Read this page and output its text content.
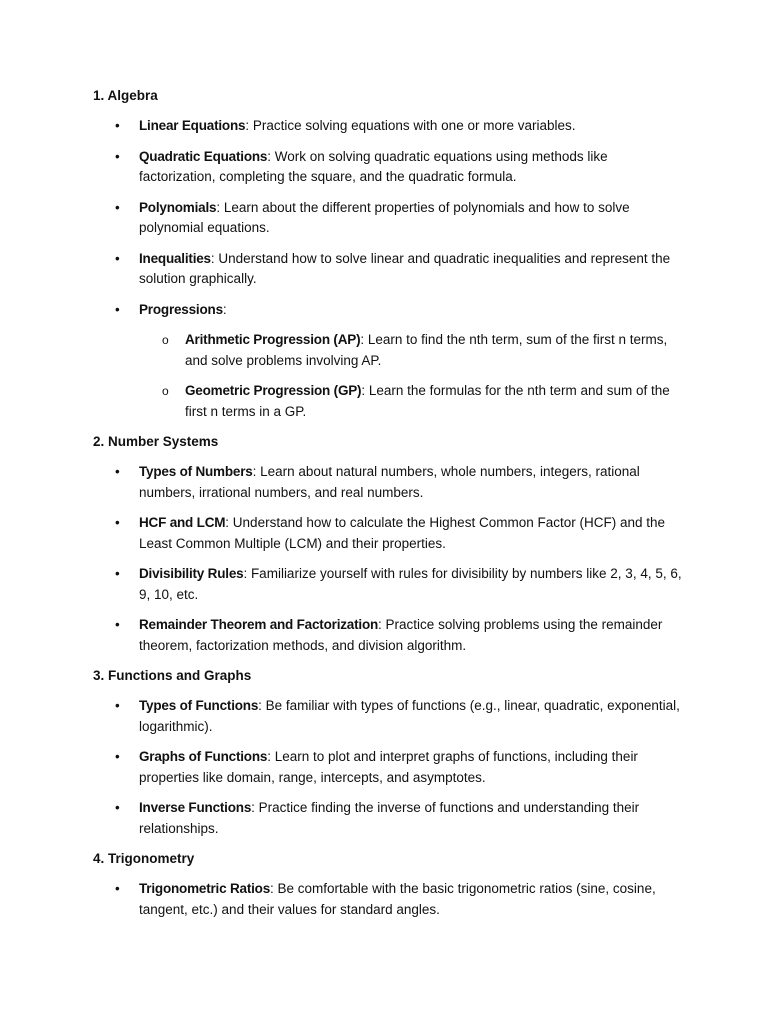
1. Algebra
• Linear Equations: Practice solving equations with one or more variables.
• Quadratic Equations: Work on solving quadratic equations using methods like factorization, completing the square, and the quadratic formula.
• Polynomials: Learn about the different properties of polynomials and how to solve polynomial equations.
• Inequalities: Understand how to solve linear and quadratic inequalities and represent the solution graphically.
• Progressions:
o Arithmetic Progression (AP): Learn to find the nth term, sum of the first n terms, and solve problems involving AP.
o Geometric Progression (GP): Learn the formulas for the nth term and sum of the first n terms in a GP.
2. Number Systems
• Types of Numbers: Learn about natural numbers, whole numbers, integers, rational numbers, irrational numbers, and real numbers.
• HCF and LCM: Understand how to calculate the Highest Common Factor (HCF) and the Least Common Multiple (LCM) and their properties.
• Divisibility Rules: Familiarize yourself with rules for divisibility by numbers like 2, 3, 4, 5, 6, 9, 10, etc.
• Remainder Theorem and Factorization: Practice solving problems using the remainder theorem, factorization methods, and division algorithm.
3. Functions and Graphs
• Types of Functions: Be familiar with types of functions (e.g., linear, quadratic, exponential, logarithmic).
• Graphs of Functions: Learn to plot and interpret graphs of functions, including their properties like domain, range, intercepts, and asymptotes.
• Inverse Functions: Practice finding the inverse of functions and understanding their relationships.
4. Trigonometry
• Trigonometric Ratios: Be comfortable with the basic trigonometric ratios (sine, cosine, tangent, etc.) and their values for standard angles.
